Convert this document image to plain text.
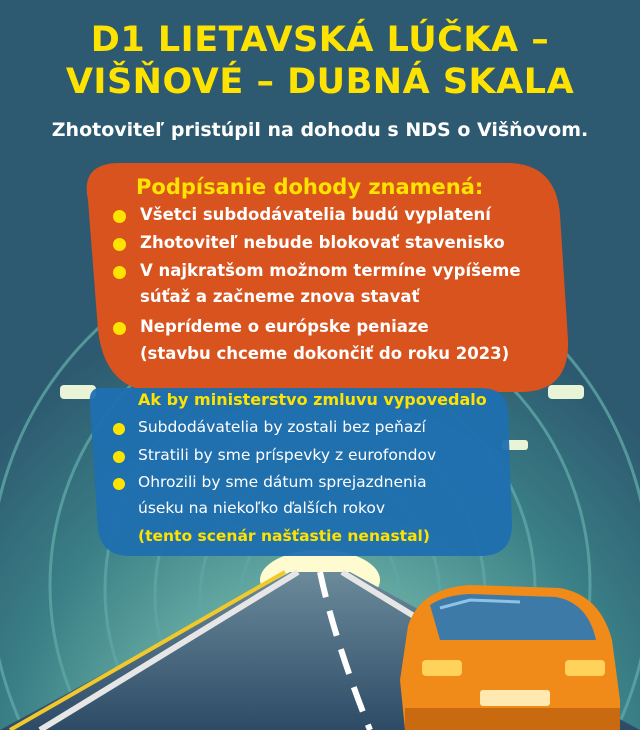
D1 LIETAVSKÁ LÚČKA –
VIŠŇOVÉ – DUBNÁ SKALA
Zhotoviteľ pristúpil na dohodu s NDS o Višňovom.
Podpísanie dohody znamená:
Všetci subdodávatelia budú vyplatení
Zhotoviteľ nebude blokovať stavenisko
V najkratšom možnom termíne vypíšeme
súťaž a začneme znova stavať
Neprídeme o európske peniaze
(stavbu chceme dokončiť do roku 2023)
Ak by ministerstvo zmluvu vypovedalo
Subdodávatelia by zostali bez peňazí
Stratili by sme príspevky z eurofondov
Ohrozili by sme dátum sprejazdnenia
úseku na niekoľko ďalších rokov
(tento scenár našťastie nenastal)
